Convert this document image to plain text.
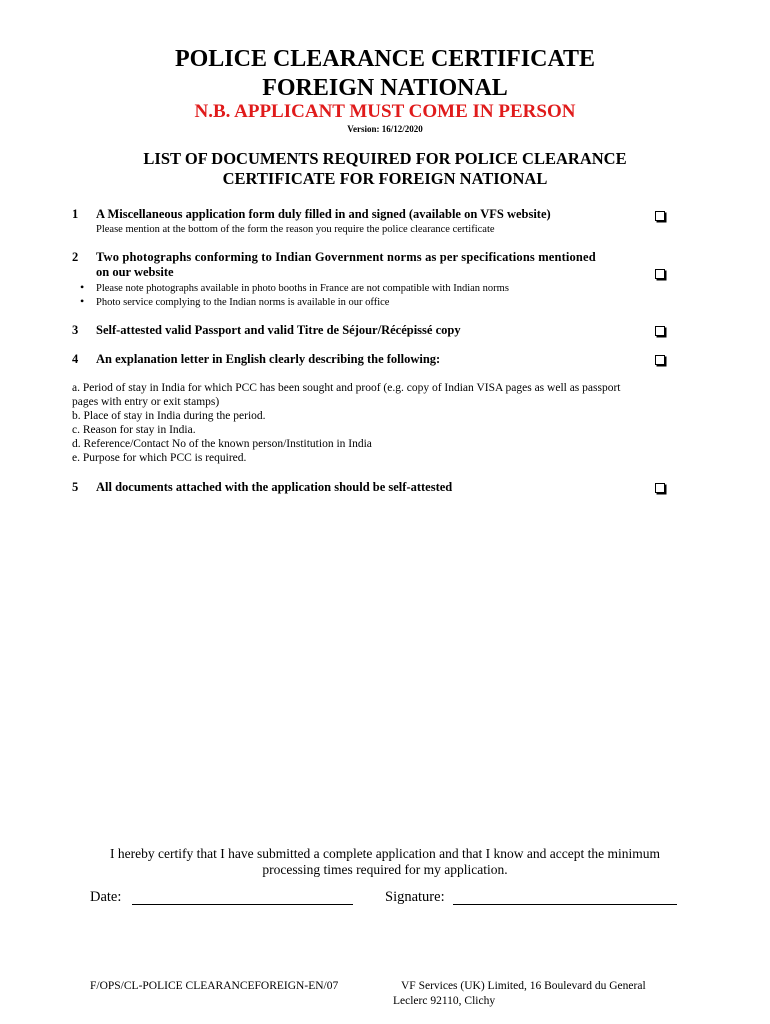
POLICE CLEARANCE CERTIFICATE
FOREIGN NATIONAL
N.B. APPLICANT MUST COME IN PERSON
Version: 16/12/2020
LIST OF DOCUMENTS REQUIRED FOR POLICE CLEARANCE
CERTIFICATE FOR FOREIGN NATIONAL
1 A Miscellaneous application form duly filled in and signed (available on VFS website)
Please mention at the bottom of the form the reason you require the police clearance certificate
2 Two photographs conforming to Indian Government norms as per specifications mentioned
on our website
• Please note photographs available in photo booths in France are not compatible with Indian norms
• Photo service complying to the Indian norms is available in our office
3 Self-attested valid Passport and valid Titre de Séjour/Récépissé copy
4 An explanation letter in English clearly describing the following:
a. Period of stay in India for which PCC has been sought and proof (e.g. copy of Indian VISA pages as well as passport
pages with entry or exit stamps)
b. Place of stay in India during the period.
c. Reason for stay in India.
d. Reference/Contact No of the known person/Institution in India
e. Purpose for which PCC is required.
5 All documents attached with the application should be self-attested
I hereby certify that I have submitted a complete application and that I know and accept the minimum
processing times required for my application.
Date:	Signature:
F/OPS/CL-POLICE CLEARANCEFOREIGN-EN/07	VF Services (UK) Limited, 16 Boulevard du General
Leclerc 92110, Clichy
